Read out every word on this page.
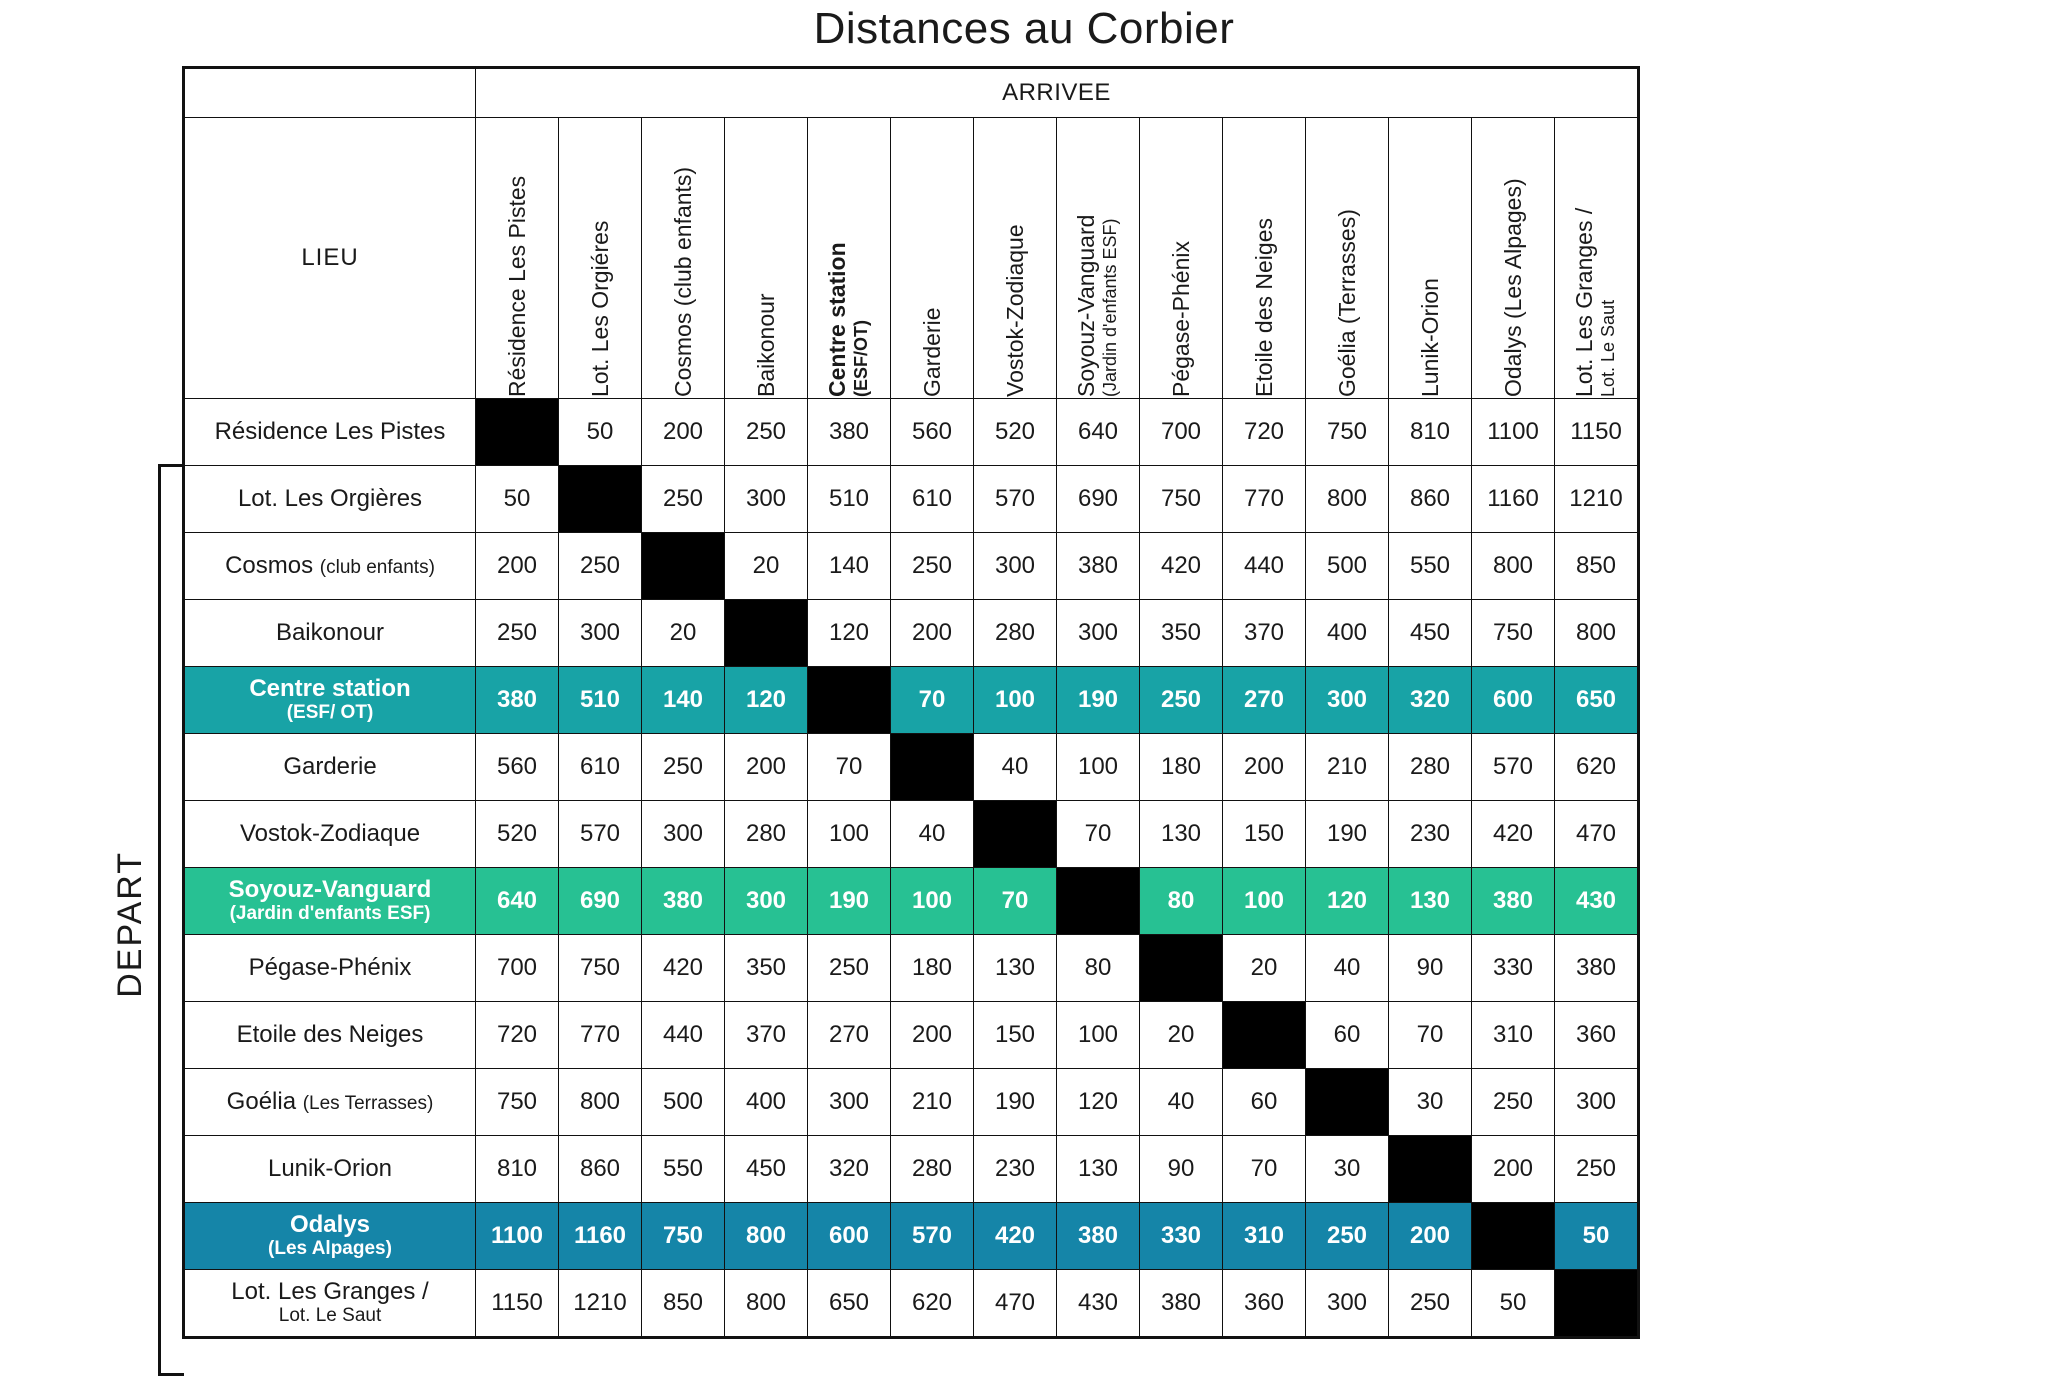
Distances au Corbier
DEPART
	ARRIVEE													
LIEU	Résidence Les Pistes	Lot. Les Orgiéres	Cosmos (club enfants)	Baikonour	Centre station
(ESF/OT)	Garderie	Vostok-Zodiaque	Soyouz-Vanguard
(Jardin d'enfants ESF)	Pégase-Phénix	Etoile des Neiges	Goélia (Terrasses)	Lunik-Orion	Odalys (Les Alpages)	Lot. Les Granges /
Lot. Le Saut

Résidence Les Pistes		50	200	250	380	560	520	640	700	720	750	810	1100	1150
Lot. Les Orgières	50		250	300	510	610	570	690	750	770	800	860	1160	1210
Cosmos (club enfants)	200	250		20	140	250	300	380	420	440	500	550	800	850
Baikonour	250	300	20		120	200	280	300	350	370	400	450	750	800
Centre station
(ESF/ OT)	380	510	140	120		70	100	190	250	270	300	320	600	650
Garderie	560	610	250	200	70		40	100	180	200	210	280	570	620
Vostok-Zodiaque	520	570	300	280	100	40		70	130	150	190	230	420	470
Soyouz-Vanguard
(Jardin d'enfants ESF)	640	690	380	300	190	100	70		80	100	120	130	380	430
Pégase-Phénix	700	750	420	350	250	180	130	80		20	40	90	330	380
Etoile des Neiges	720	770	440	370	270	200	150	100	20		60	70	310	360
Goélia (Les Terrasses)	750	800	500	400	300	210	190	120	40	60		30	250	300
Lunik-Orion	810	860	550	450	320	280	230	130	90	70	30		200	250
Odalys
(Les Alpages)	1100	1160	750	800	600	570	420	380	330	310	250	200		50
Lot. Les Granges /
Lot. Le Saut	1150	1210	850	800	650	620	470	430	380	360	300	250	50	
